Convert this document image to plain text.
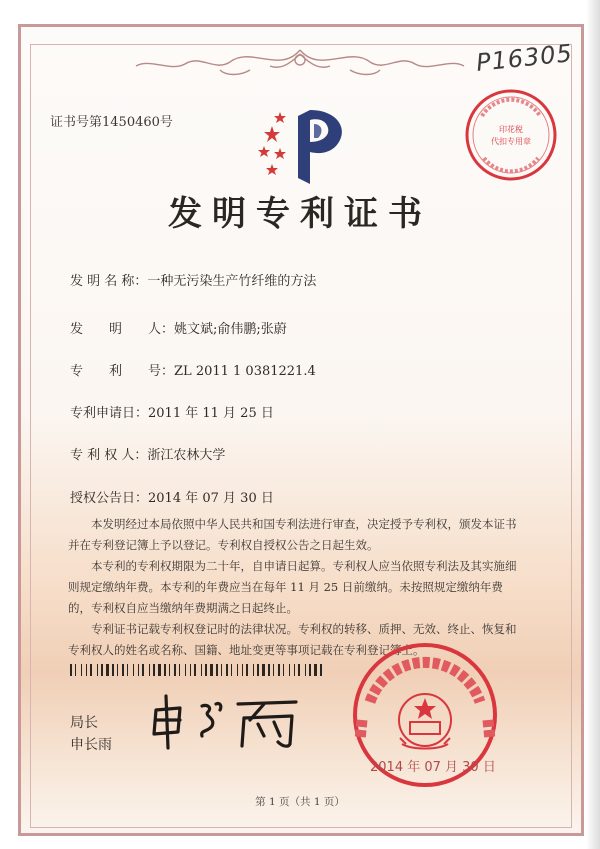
P16305

证书号第1450460号	印花税
代扣专用章
发明专利证书
发 明 名 称：一种无污染生产竹纤维的方法
发　　明　　人：姚文斌;俞伟鹏;张蔚
专　　利　　号：ZL 2011 1 0381221.4
专利申请日：2011 年 11 月 25 日
专 利 权 人：浙江农林大学
授权公告日：2014 年 07 月 30 日

本发明经过本局依照中华人民共和国专利法进行审查，决定授予专利权，颁发本证书并在专利登记簿上予以登记。专利权自授权公告之日起生效。

本专利的专利权期限为二十年，自申请日起算。专利权人应当依照专利法及其实施细则规定缴纳年费。本专利的年费应当在每年 11 月 25 日前缴纳。未按照规定缴纳年费的，专利权自应当缴纳年费期满之日起终止。

专利证书记载专利权登记时的法律状况。专利权的转移、质押、无效、终止、恢复和专利权人的姓名或名称、国籍、地址变更等事项记载在专利登记簿上。

局长
申长雨
2014 年 07 月 30 日
第 1 页（共 1 页）
